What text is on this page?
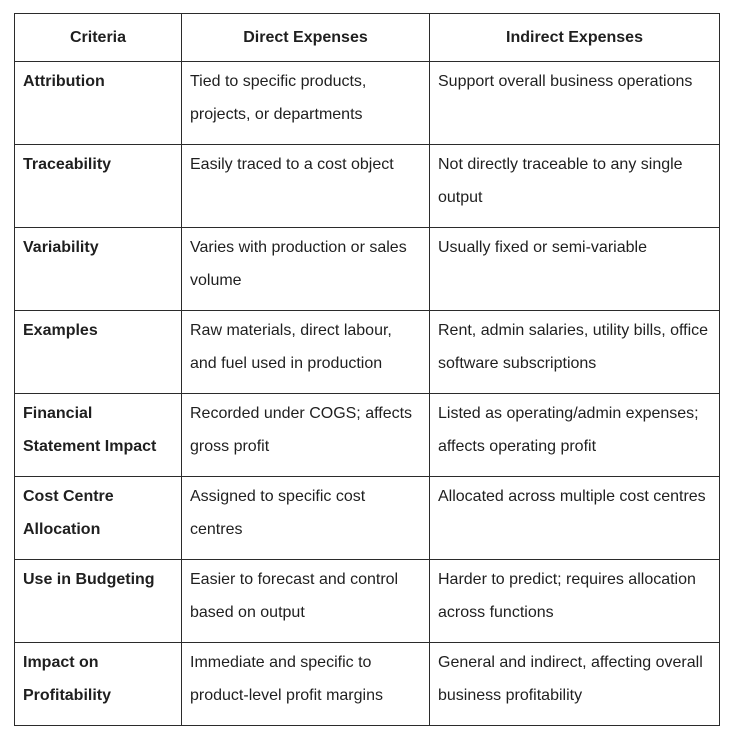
Criteria	Direct Expenses	Indirect Expenses

Attribution	Tied to specific products, projects, or departments	Support overall business operations

Traceability	Easily traced to a cost object	Not directly traceable to any single output

Variability	Varies with production or sales volume	Usually fixed or semi-variable

Examples	Raw materials, direct labour, and fuel used in production	Rent, admin salaries, utility bills, office software subscriptions

Financial Statement Impact	Recorded under COGS; affects gross profit	Listed as operating/admin expenses; affects operating profit

Cost Centre Allocation	Assigned to specific cost centres	Allocated across multiple cost centres

Use in Budgeting	Easier to forecast and control based on output	Harder to predict; requires allocation across functions

Impact on Profitability	Immediate and specific to product-level profit margins	General and indirect, affecting overall business profitability
